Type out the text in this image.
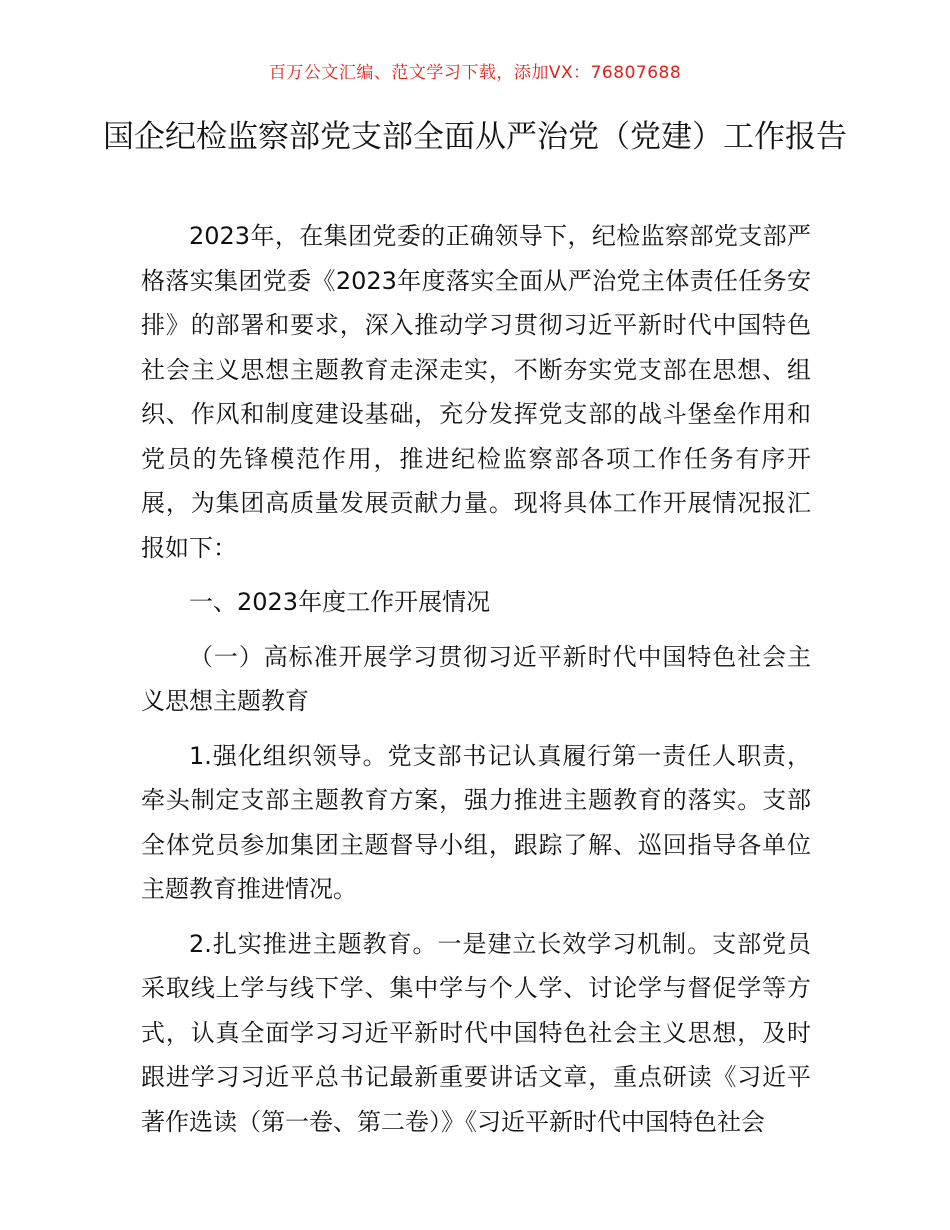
百万公文汇编、范文学习下载，添加VX：76807688
国企纪检监察部党支部全面从严治党（党建）工作报告

2023年，在集团党委的正确领导下，纪检监察部党支部严格落实集团党委《2023年度落实全面从严治党主体责任任务安排》的部署和要求，深入推动学习贯彻习近平新时代中国特色社会主义思想主题教育走深走实，不断夯实党支部在思想、组织、作风和制度建设基础，充分发挥党支部的战斗堡垒作用和党员的先锋模范作用，推进纪检监察部各项工作任务有序开展，为集团高质量发展贡献力量。现将具体工作开展情况报汇报如下：

一、2023年度工作开展情况

（一）高标准开展学习贯彻习近平新时代中国特色社会主义思想主题教育

1.强化组织领导。党支部书记认真履行第一责任人职责，牵头制定支部主题教育方案，强力推进主题教育的落实。支部全体党员参加集团主题督导小组，跟踪了解、巡回指导各单位主题教育推进情况。

2.扎实推进主题教育。一是建立长效学习机制。支部党员采取线上学与线下学、集中学与个人学、讨论学与督促学等方式，认真全面学习习近平新时代中国特色社会主义思想，及时跟进学习习近平总书记最新重要讲话文章，重点研读《习近平著作选读（第一卷、第二卷）》《习近平新时代中国特色社会
